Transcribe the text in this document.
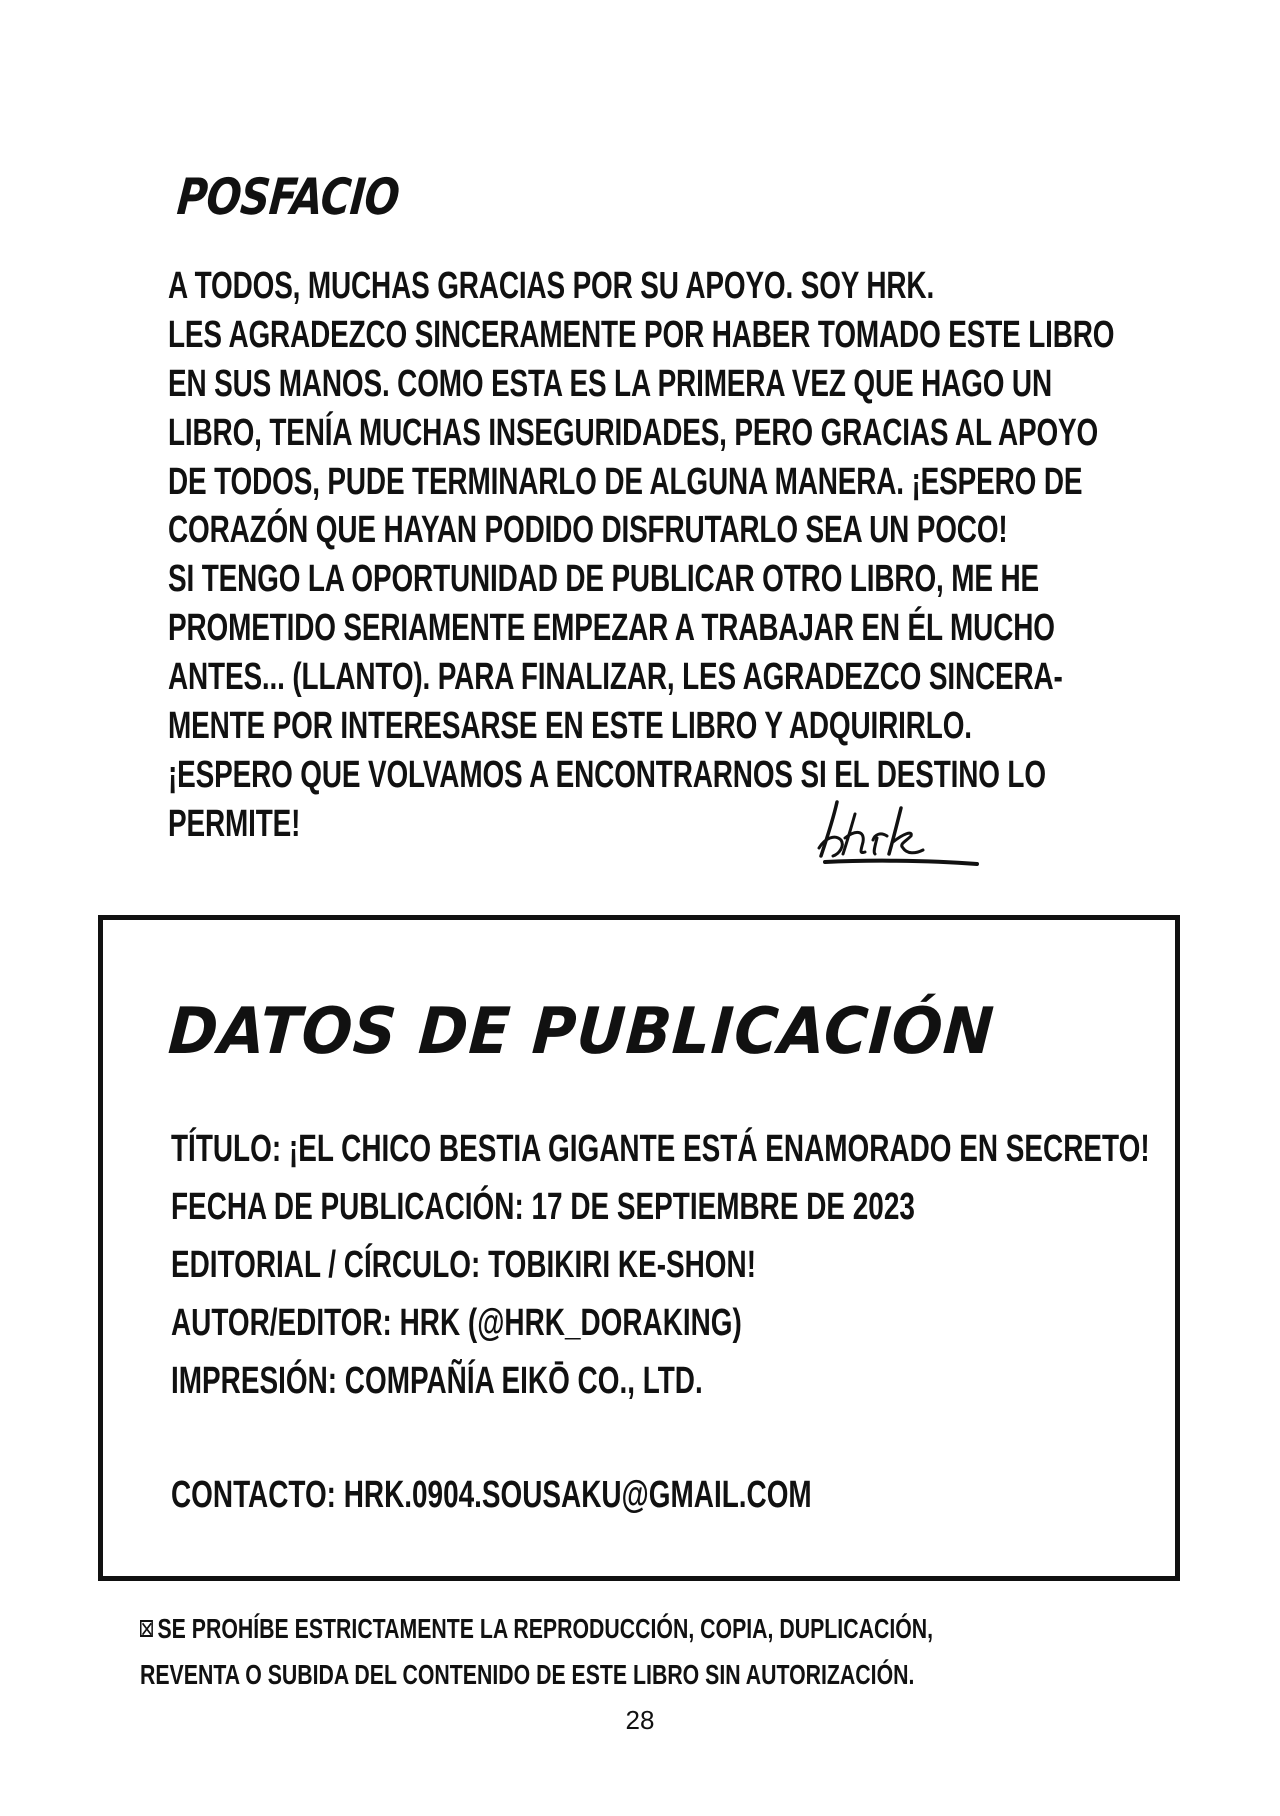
POSFACIO
A TODOS, MUCHAS GRACIAS POR SU APOYO. SOY HRK.
LES AGRADEZCO SINCERAMENTE POR HABER TOMADO ESTE LIBRO
EN SUS MANOS. COMO ESTA ES LA PRIMERA VEZ QUE HAGO UN
LIBRO, TENÍA MUCHAS INSEGURIDADES, PERO GRACIAS AL APOYO
DE TODOS, PUDE TERMINARLO DE ALGUNA MANERA. ¡ESPERO DE
CORAZÓN QUE HAYAN PODIDO DISFRUTARLO SEA UN POCO!
SI TENGO LA OPORTUNIDAD DE PUBLICAR OTRO LIBRO, ME HE
PROMETIDO SERIAMENTE EMPEZAR A TRABAJAR EN ÉL MUCHO
ANTES... (LLANTO). PARA FINALIZAR, LES AGRADEZCO SINCERA-
MENTE POR INTERESARSE EN ESTE LIBRO Y ADQUIRIRLO.
¡ESPERO QUE VOLVAMOS A ENCONTRARNOS SI EL DESTINO LO
PERMITE!
DATOS DE PUBLICACIÓN
TÍTULO: ¡EL CHICO BESTIA GIGANTE ESTÁ ENAMORADO EN SECRETO!
FECHA DE PUBLICACIÓN: 17 DE SEPTIEMBRE DE 2023
EDITORIAL / CÍRCULO: TOBIKIRI KE-SHON!
AUTOR/EDITOR: HRK (@HRK_DORAKING)
IMPRESIÓN: COMPAÑÍA EIKŌ CO., LTD.
CONTACTO: HRK.0904.SOUSAKU@GMAIL.COM
SE PROHÍBE ESTRICTAMENTE LA REPRODUCCIÓN, COPIA, DUPLICACIÓN,
REVENTA O SUBIDA DEL CONTENIDO DE ESTE LIBRO SIN AUTORIZACIÓN.
28
